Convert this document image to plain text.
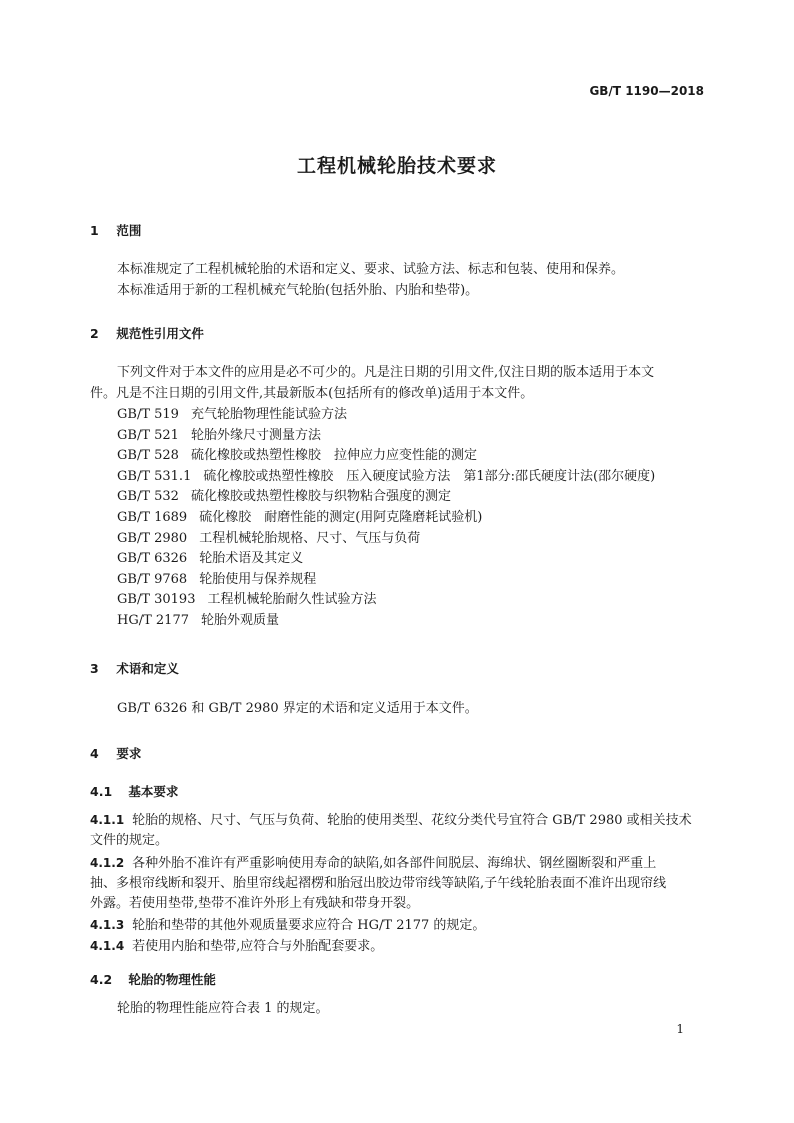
GB/T 1190—2018
工程机械轮胎技术要求
1 范围
本标准规定了工程机械轮胎的术语和定义、要求、试验方法、标志和包装、使用和保养。
本标准适用于新的工程机械充气轮胎(包括外胎、内胎和垫带)。
2 规范性引用文件
下列文件对于本文件的应用是必不可少的。凡是注日期的引用文件,仅注日期的版本适用于本文
件。凡是不注日期的引用文件,其最新版本(包括所有的修改单)适用于本文件。
GB/T 519 充气轮胎物理性能试验方法
GB/T 521 轮胎外缘尺寸测量方法
GB/T 528 硫化橡胶或热塑性橡胶　拉伸应力应变性能的测定
GB/T 531.1 硫化橡胶或热塑性橡胶　压入硬度试验方法　第1部分:邵氏硬度计法(邵尔硬度)
GB/T 532 硫化橡胶或热塑性橡胶与织物粘合强度的测定
GB/T 1689 硫化橡胶　耐磨性能的测定(用阿克隆磨耗试验机)
GB/T 2980 工程机械轮胎规格、尺寸、气压与负荷
GB/T 6326 轮胎术语及其定义
GB/T 9768 轮胎使用与保养规程
GB/T 30193 工程机械轮胎耐久性试验方法
HG/T 2177 轮胎外观质量
3 术语和定义
GB/T 6326 和 GB/T 2980 界定的术语和定义适用于本文件。
4 要求
4.1 基本要求
4.1.1 轮胎的规格、尺寸、气压与负荷、轮胎的使用类型、花纹分类代号宜符合 GB/T 2980 或相关技术
文件的规定。
4.1.2 各种外胎不准许有严重影响使用寿命的缺陷,如各部件间脱层、海绵状、钢丝圈断裂和严重上
抽、多根帘线断和裂开、胎里帘线起褶楞和胎冠出胶边带帘线等缺陷,子午线轮胎表面不准许出现帘线
外露。若使用垫带,垫带不准许外形上有残缺和带身开裂。
4.1.3 轮胎和垫带的其他外观质量要求应符合 HG/T 2177 的规定。
4.1.4 若使用内胎和垫带,应符合与外胎配套要求。
4.2 轮胎的物理性能
轮胎的物理性能应符合表 1 的规定。
1
